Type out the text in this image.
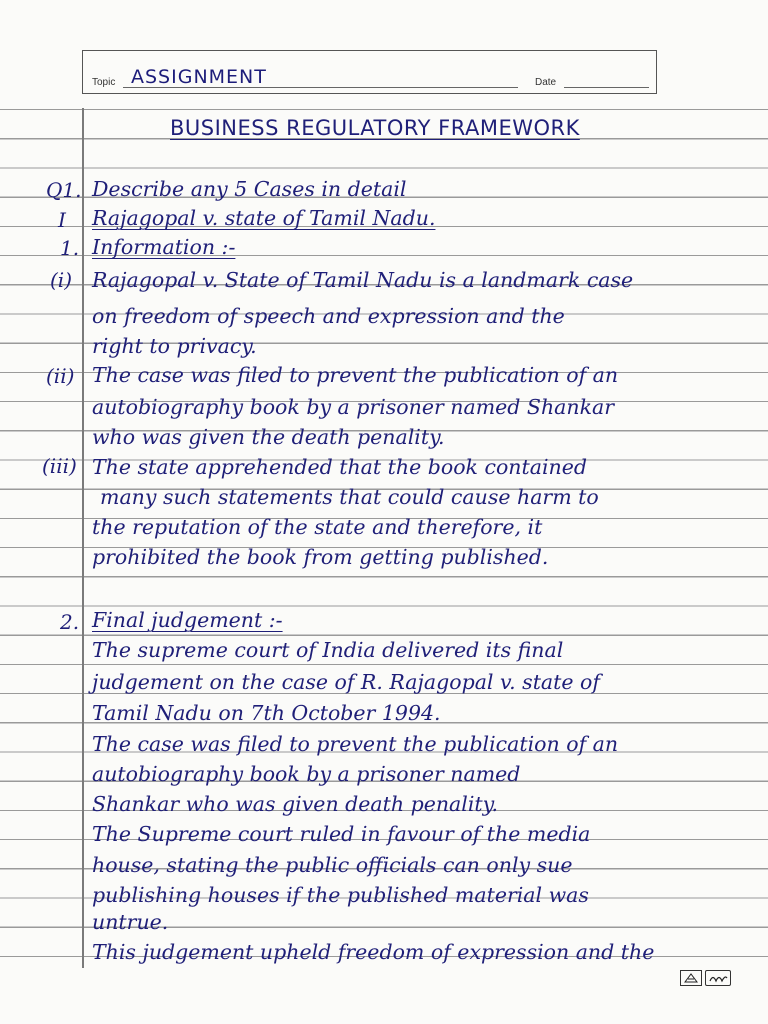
Topic ASSIGNMENT	Date
BUSINESS REGULATORY FRAMEWORK
Q1. Describe any 5 Cases in detail
I Rajagopal v. state of Tamil Nadu.
1. Information :-
(i) Rajagopal v. State of Tamil Nadu is a landmark case
on freedom of speech and expression and the
right to privacy.
(ii) The case was filed to prevent the publication of an
autobiography book by a prisoner named Shankar
who was given the death penality.
(iii) The state apprehended that the book contained
many such statements that could cause harm to
the reputation of the state and therefore, it
prohibited the book from getting published.
2. Final judgement :-
The supreme court of India delivered its final
judgement on the case of R. Rajagopal v. state of
Tamil Nadu on 7th October 1994.
The case was filed to prevent the publication of an
autobiography book by a prisoner named
Shankar who was given death penality.
The Supreme court ruled in favour of the media
house, stating the public officials can only sue
publishing houses if the published material was
untrue.
This judgement upheld freedom of expression and the
